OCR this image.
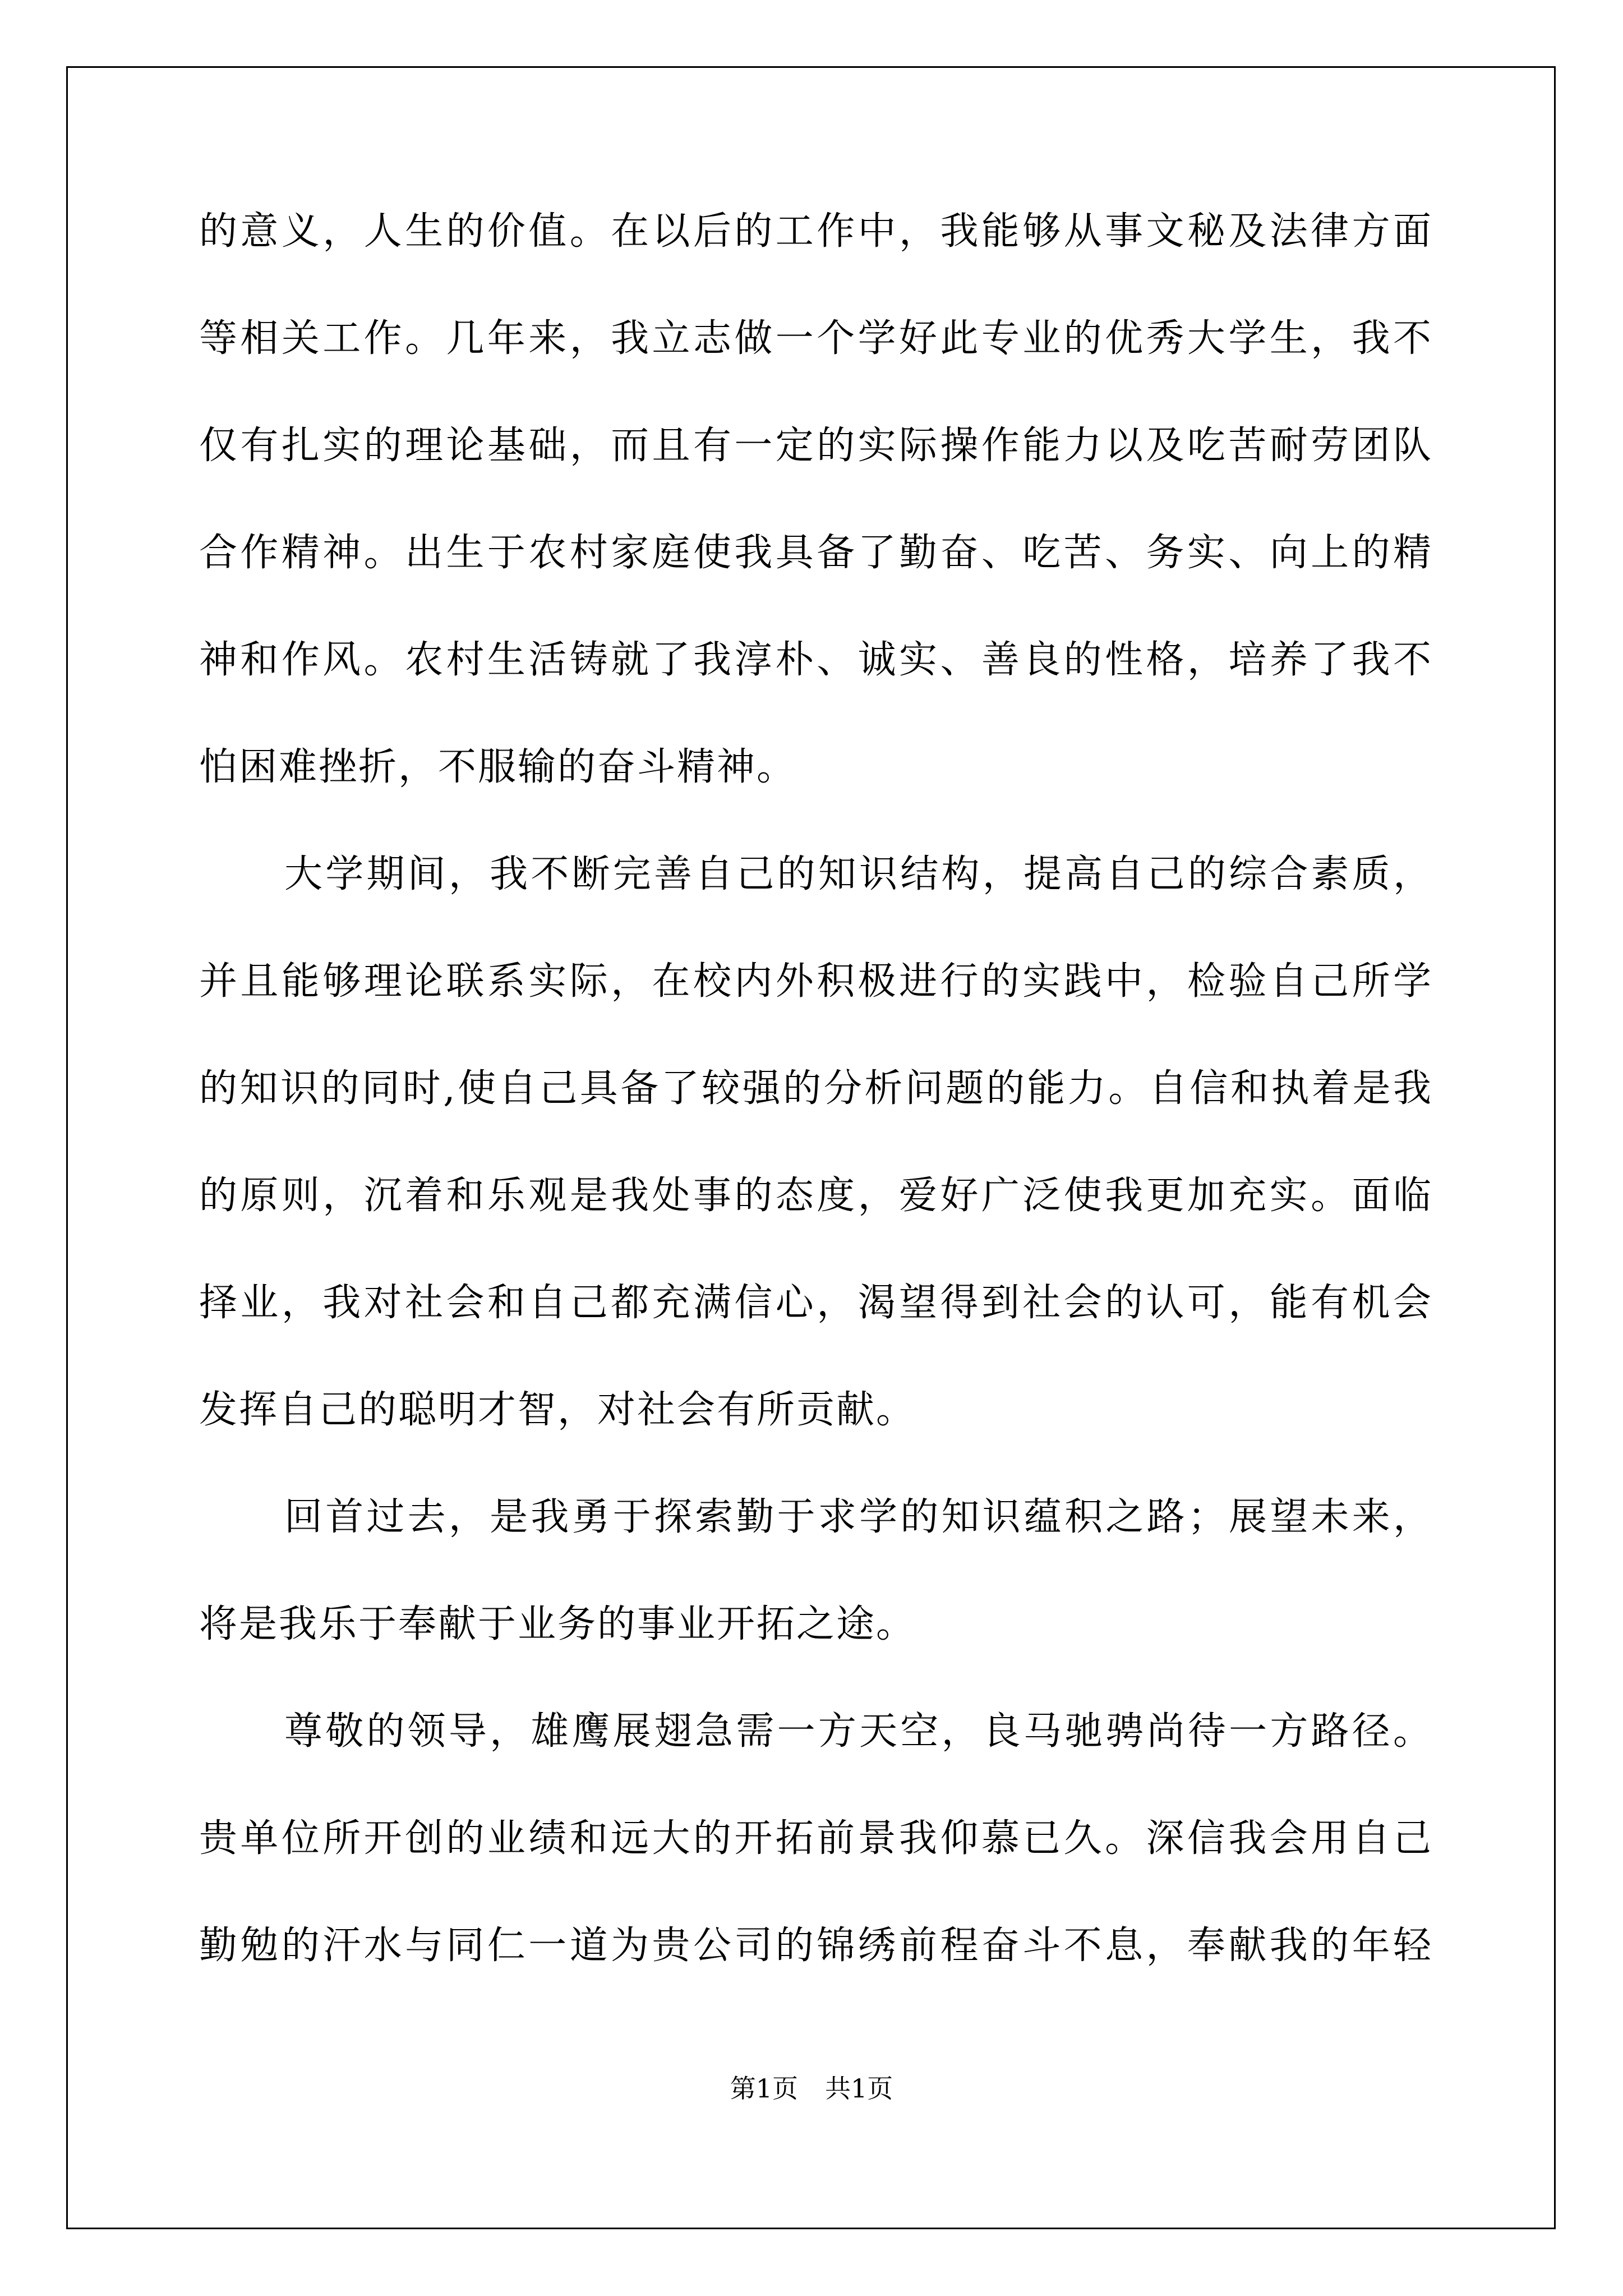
的意义，人生的价值。在以后的工作中，我能够从事文秘及法律方面
等相关工作。几年来，我立志做一个学好此专业的优秀大学生，我不
仅有扎实的理论基础，而且有一定的实际操作能力以及吃苦耐劳团队
合作精神。出生于农村家庭使我具备了勤奋、吃苦、务实、向上的精
神和作风。农村生活铸就了我淳朴、诚实、善良的性格，培养了我不
怕困难挫折，不服输的奋斗精神。
大学期间，我不断完善自己的知识结构，提高自己的综合素质，
并且能够理论联系实际，在校内外积极进行的实践中，检验自己所学
的知识的同时,使自己具备了较强的分析问题的能力。自信和执着是我
的原则，沉着和乐观是我处事的态度，爱好广泛使我更加充实。面临
择业，我对社会和自己都充满信心，渴望得到社会的认可，能有机会
发挥自己的聪明才智，对社会有所贡献。
回首过去，是我勇于探索勤于求学的知识蕴积之路；展望未来，
将是我乐于奉献于业务的事业开拓之途。
尊敬的领导，雄鹰展翅急需一方天空，良马驰骋尚待一方路径。
贵单位所开创的业绩和远大的开拓前景我仰慕已久。深信我会用自己
勤勉的汗水与同仁一道为贵公司的锦绣前程奋斗不息，奉献我的年轻
第1页 共1页
